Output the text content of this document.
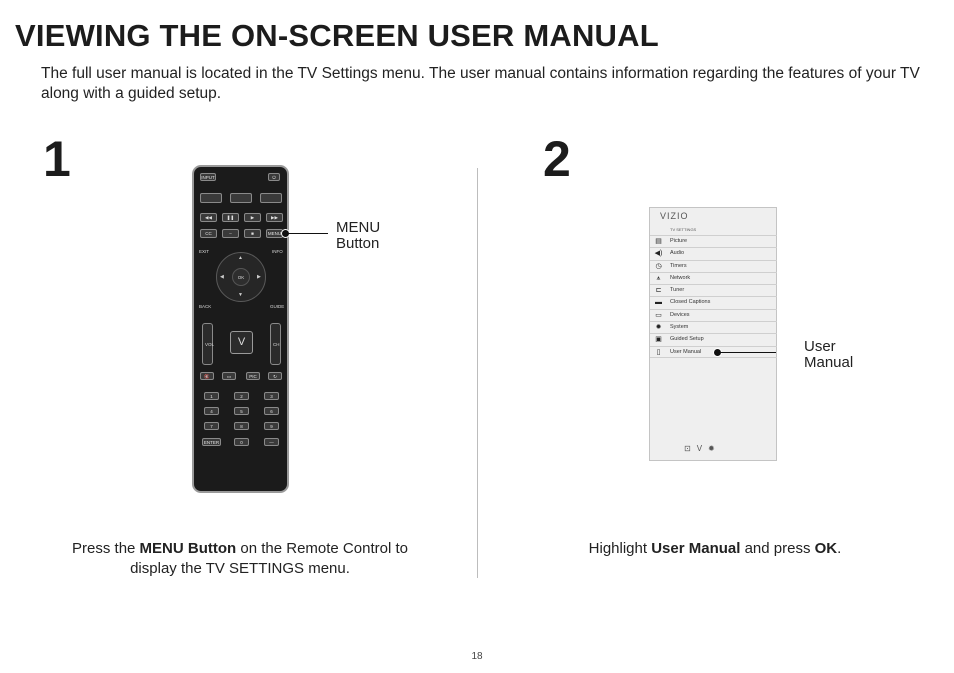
VIEWING THE ON-SCREEN USER MANUAL
The full user manual is located in the TV Settings menu. The user manual contains information regarding the features of your TV along with a guided setup.
1	2
INPUT	⏻
◀◀	❚❚	▶	▶▶
CC	–	■	MENU
EXIT	INFO
▲
▼
◀	▶
OK
BACK	GUIDE
VOL	V	CH
🔇	▭	PIC	↻
1	2	3
4	5	6
7	8	9
ENTER	0	—
MENU Button
VIZIO
TV SETTINGS
▤ Picture
◀) Audio
◷ Timers
⩚	Network
⊏ Tuner
▬ Closed Captions
▭ Devices
✹ System
▣ Guided Setup
▯	User Manual
⊡V✹
User Manual
Press the MENU Button on the Remote Control to display the TV SETTINGS menu.
Highlight User Manual and press OK.
18
